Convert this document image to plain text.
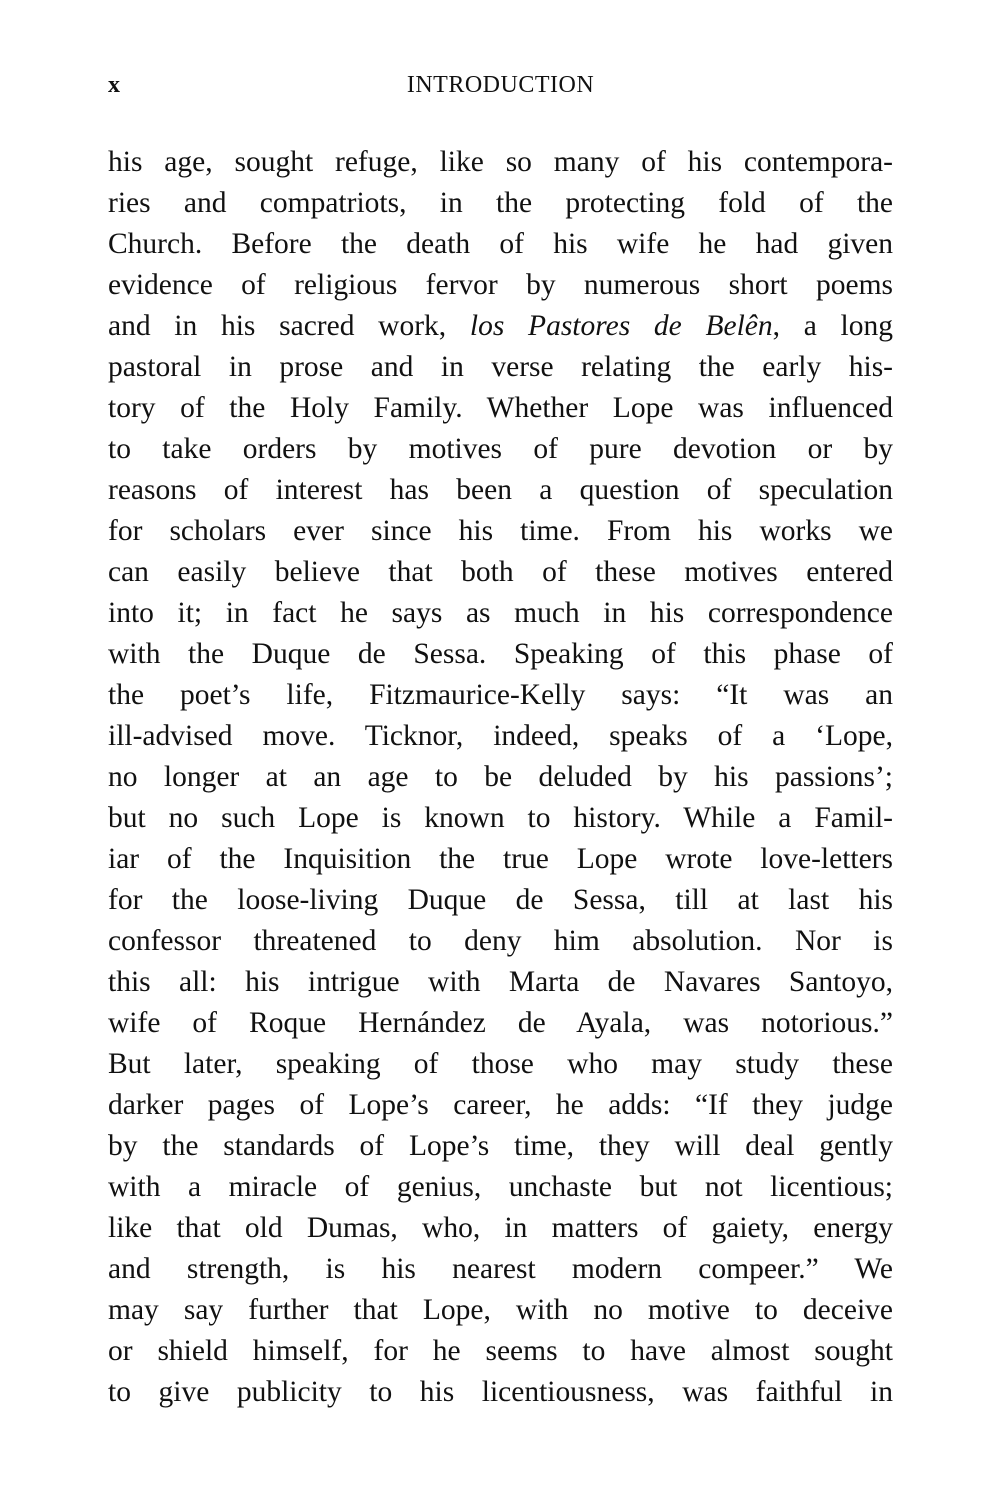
x	INTRODUCTION
his age, sought refuge, like so many of his contempora-
ries and compatriots, in the protecting fold of the
Church. Before the death of his wife he had given
evidence of religious fervor by numerous short poems
and in his sacred work, los Pastores de Belên, a long
pastoral in prose and in verse relating the early his-
tory of the Holy Family. Whether Lope was influenced
to take orders by motives of pure devotion or by
reasons of interest has been a question of speculation
for scholars ever since his time. From his works we
can easily believe that both of these motives entered
into it; in fact he says as much in his correspondence
with the Duque de Sessa. Speaking of this phase of
the poet’s life, Fitzmaurice-Kelly says: “It was an
ill-advised move. Ticknor, indeed, speaks of a ‘Lope,
no longer at an age to be deluded by his passions’;
but no such Lope is known to history. While a Famil-
iar of the Inquisition the true Lope wrote love-letters
for the loose-living Duque de Sessa, till at last his
confessor threatened to deny him absolution. Nor is
this all: his intrigue with Marta de Navares Santoyo,
wife of Roque Hernández de Ayala, was notorious.”
But later, speaking of those who may study these
darker pages of Lope’s career, he adds: “If they judge
by the standards of Lope’s time, they will deal gently
with a miracle of genius, unchaste but not licentious;
like that old Dumas, who, in matters of gaiety, energy
and strength, is his nearest modern compeer.” We
may say further that Lope, with no motive to deceive
or shield himself, for he seems to have almost sought
to give publicity to his licentiousness, was faithful in
